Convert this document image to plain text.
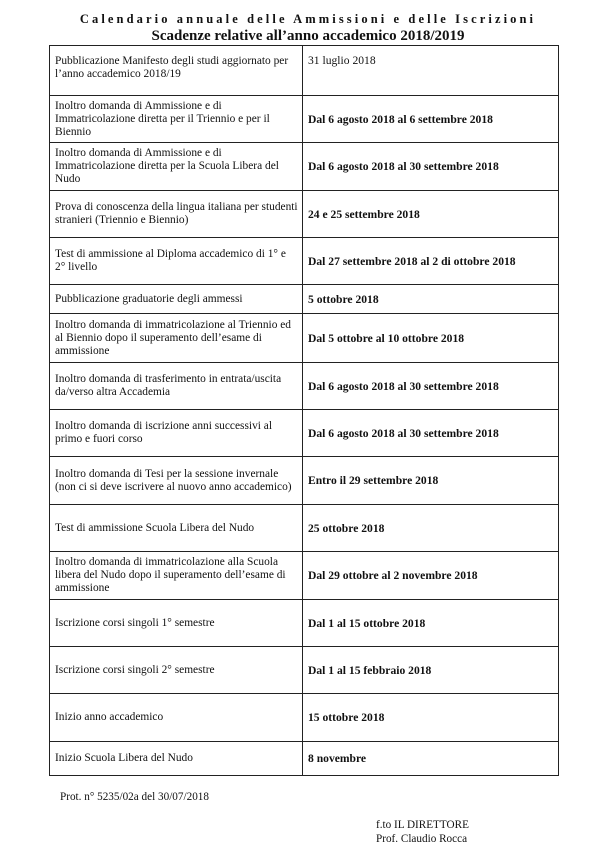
Calendario annuale delle Ammissioni e delle Iscrizioni
Scadenze relative all’anno accademico 2018/2019
Pubblicazione Manifesto degli studi aggiornato per l’anno accademico 2018/19	31 luglio 2018
Inoltro domanda di Ammissione e di Immatricolazione diretta per il Triennio e per il Biennio	Dal 6 agosto 2018 al 6 settembre 2018
Inoltro domanda di Ammissione e di Immatricolazione diretta per la Scuola Libera del Nudo	Dal 6 agosto 2018 al 30 settembre 2018
Prova di conoscenza della lingua italiana per studenti stranieri (Triennio e Biennio)	24 e 25 settembre 2018
Test di ammissione al Diploma accademico di 1° e 2° livello	Dal 27 settembre 2018 al 2 di ottobre 2018
Pubblicazione graduatorie degli ammessi	5 ottobre 2018
Inoltro domanda di immatricolazione al Triennio ed al Biennio dopo il superamento dell’esame di ammissione	Dal 5 ottobre al 10 ottobre 2018
Inoltro domanda di trasferimento in entrata/uscita da/verso altra Accademia	Dal 6 agosto 2018 al 30 settembre 2018
Inoltro domanda di iscrizione anni successivi al primo e fuori corso	Dal 6 agosto 2018 al 30 settembre 2018
Inoltro domanda di Tesi per la sessione invernale (non ci si deve iscrivere al nuovo anno accademico)	Entro il 29 settembre 2018
Test di ammissione Scuola Libera del Nudo	25 ottobre 2018
Inoltro domanda di immatricolazione alla Scuola libera del Nudo dopo il superamento dell’esame di ammissione	Dal 29 ottobre al 2 novembre 2018
Iscrizione corsi singoli 1° semestre	Dal 1 al 15 ottobre 2018
Iscrizione corsi singoli 2° semestre	Dal 1 al 15 febbraio 2018
Inizio anno accademico	15 ottobre 2018
Inizio Scuola Libera del Nudo	8 novembre
Prot. n° 5235/02a del 30/07/2018
f.to IL DIRETTORE
Prof. Claudio Rocca
